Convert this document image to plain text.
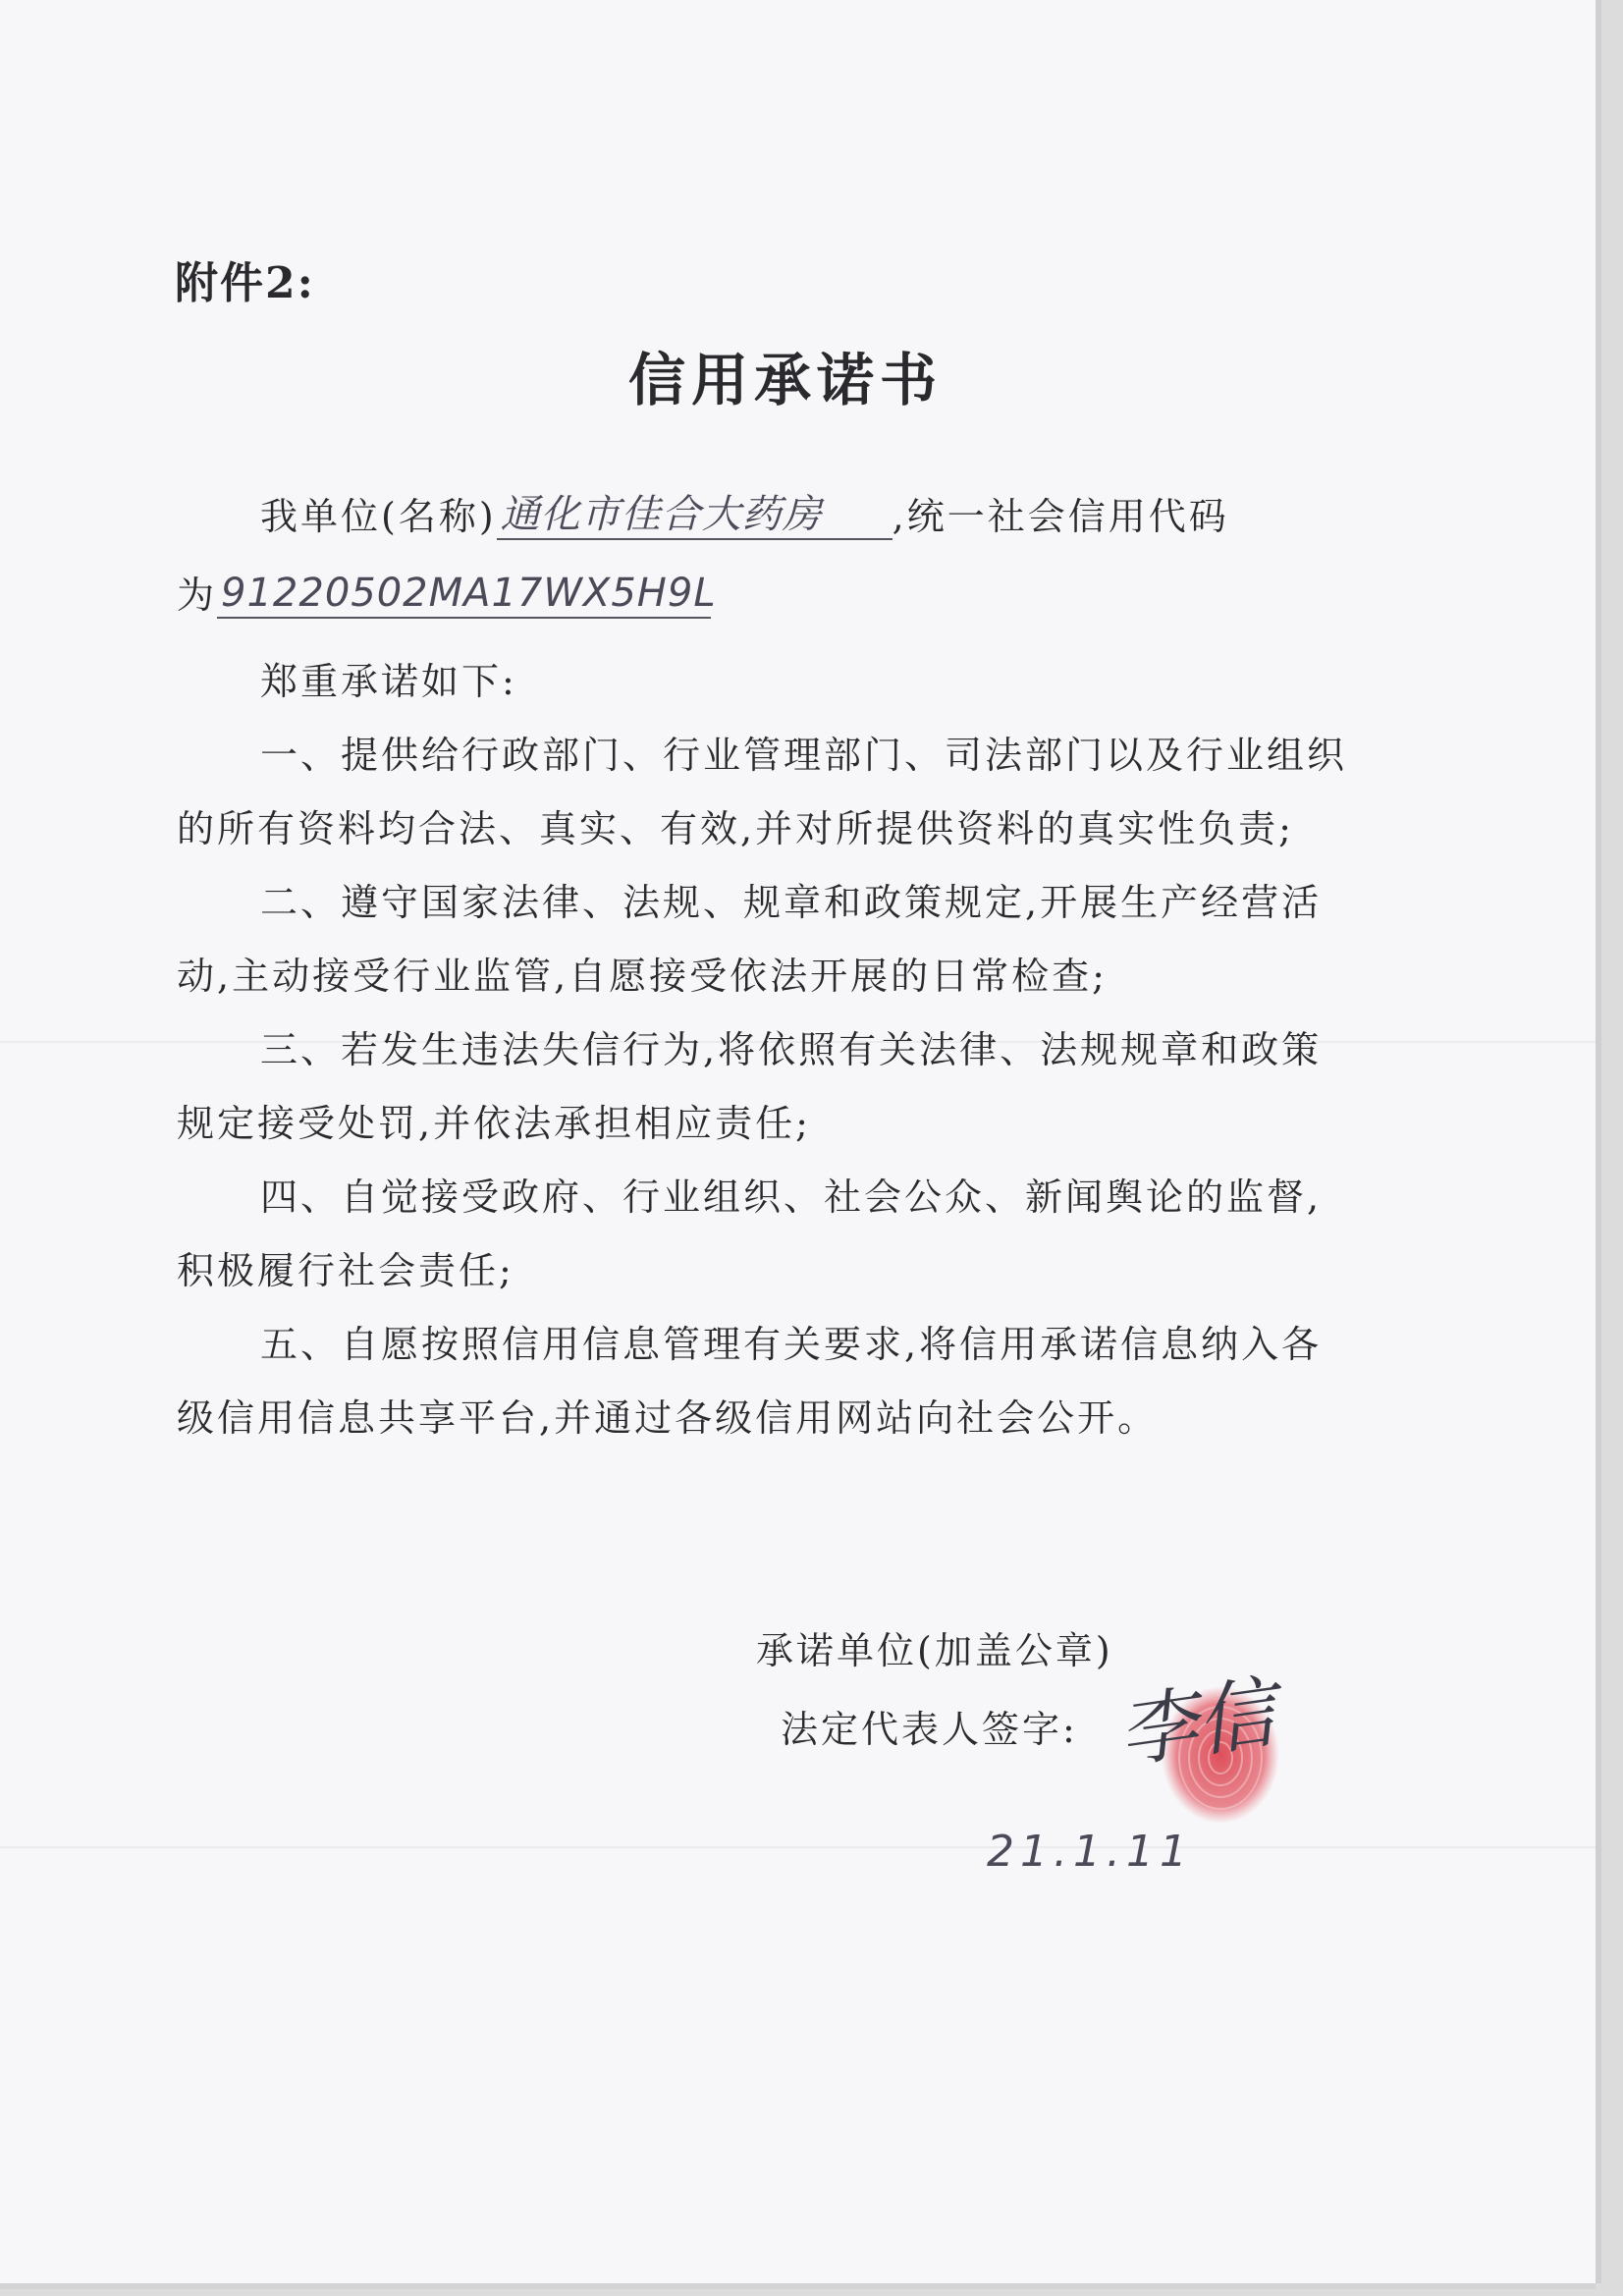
附件2:
信用承诺书
我单位(名称) 通化市佳合大药房 ,统一社会信用代码
为 91220502MA17WX5H9L
郑重承诺如下:
一、提供给行政部门、行业管理部门、司法部门以及行业组织
的所有资料均合法、真实、有效,并对所提供资料的真实性负责;
二、遵守国家法律、法规、规章和政策规定,开展生产经营活
动,主动接受行业监管,自愿接受依法开展的日常检查;
三、若发生违法失信行为,将依照有关法律、法规规章和政策
规定接受处罚,并依法承担相应责任;
四、自觉接受政府、行业组织、社会公众、新闻舆论的监督,
积极履行社会责任;
五、自愿按照信用信息管理有关要求,将信用承诺信息纳入各
级信用信息共享平台,并通过各级信用网站向社会公开。
承诺单位(加盖公章)
法定代表人签字: 李信
21.1.11
